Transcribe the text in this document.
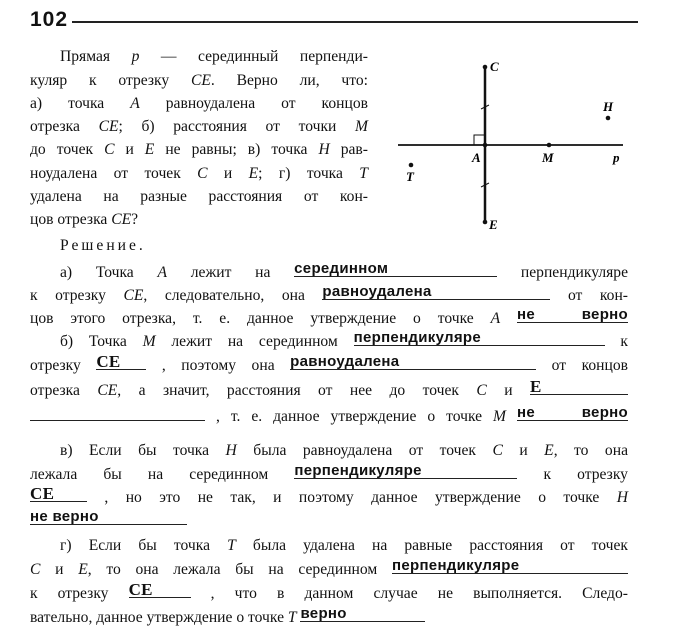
102
Прямая p — серединный перпенди-
куляр к отрезку CE. Верно ли, что:
а) точка A равноудалена от концов
отрезка CE; б) расстояния от точки M
до точек C и E не равны; в) точка H рав-
ноудалена от точек C и E; г) точка T
удалена на разные расстояния от кон-
цов отрезка CE?
Решение.
а) Точка A лежит на серединном	перпендикуляре
к отрезку CE, следовательно, она равноудалена	от кон-
цов этого отрезка, т. е. данное утверждение о точке A не верно
б) Точка M лежит на серединном перпендикуляре	к
отрезку CE	, поэтому она равноудалена	от концов
отрезка CE, а значит, расстояния от нее до точек C и E
, т. е. данное утверждение о точке M не верно
в) Если бы точка H была равноудалена от точек C и E, то она
лежала бы на серединном перпендикуляре	к отрезку
CE	, но это не так, и поэтому данное утверждение о точке H
не верно
г) Если бы точка T была удалена на равные расстояния от точек
C и E, то она лежала бы на серединном перпендикуляре
к отрезку CE	, что в данном случае не выполняется. Следо-
вательно, данное утверждение о точке T верно
C
E
A	M
H
T
p
